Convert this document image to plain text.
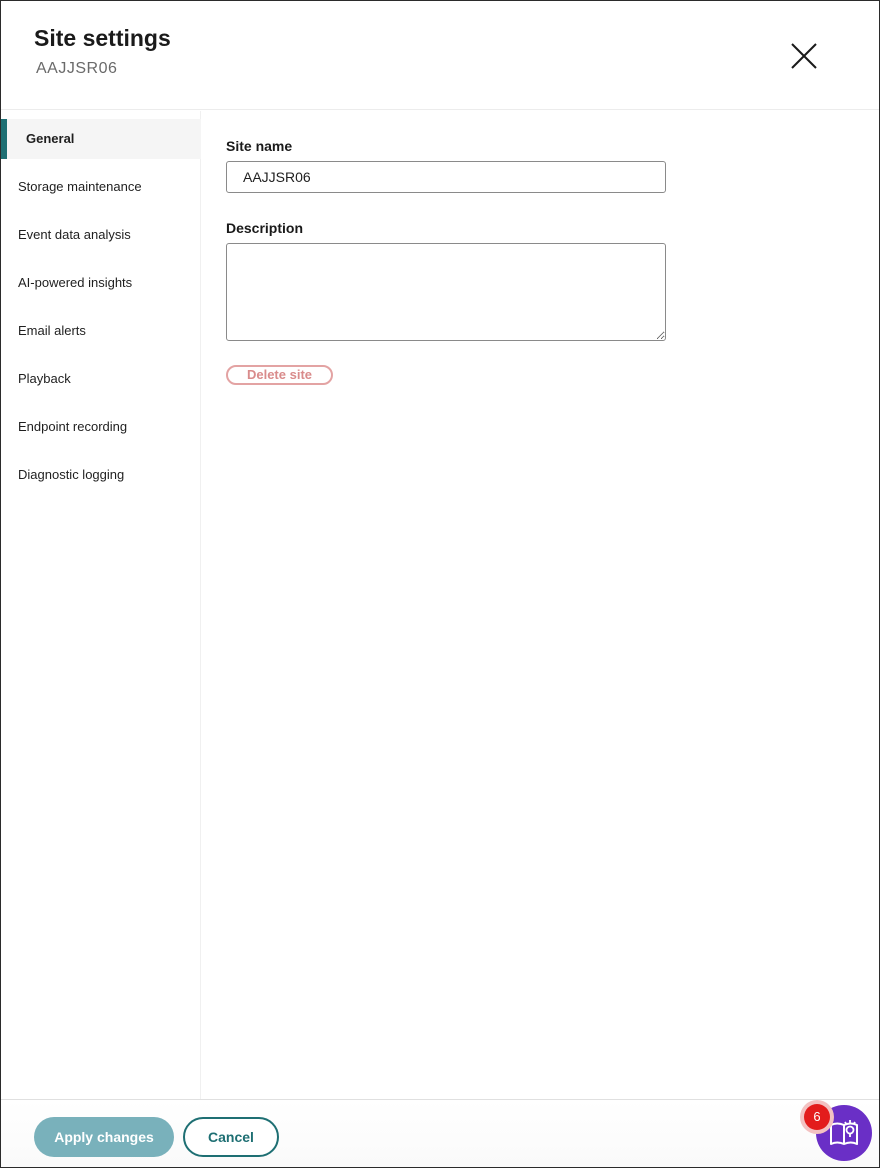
Site settings
AAJJSR06
General
Storage maintenance
Event data analysis
AI-powered insights
Email alerts
Playback
Endpoint recording
Diagnostic logging
Site name
AAJJSR06
Description
Delete site
Apply changes	Cancel
6
